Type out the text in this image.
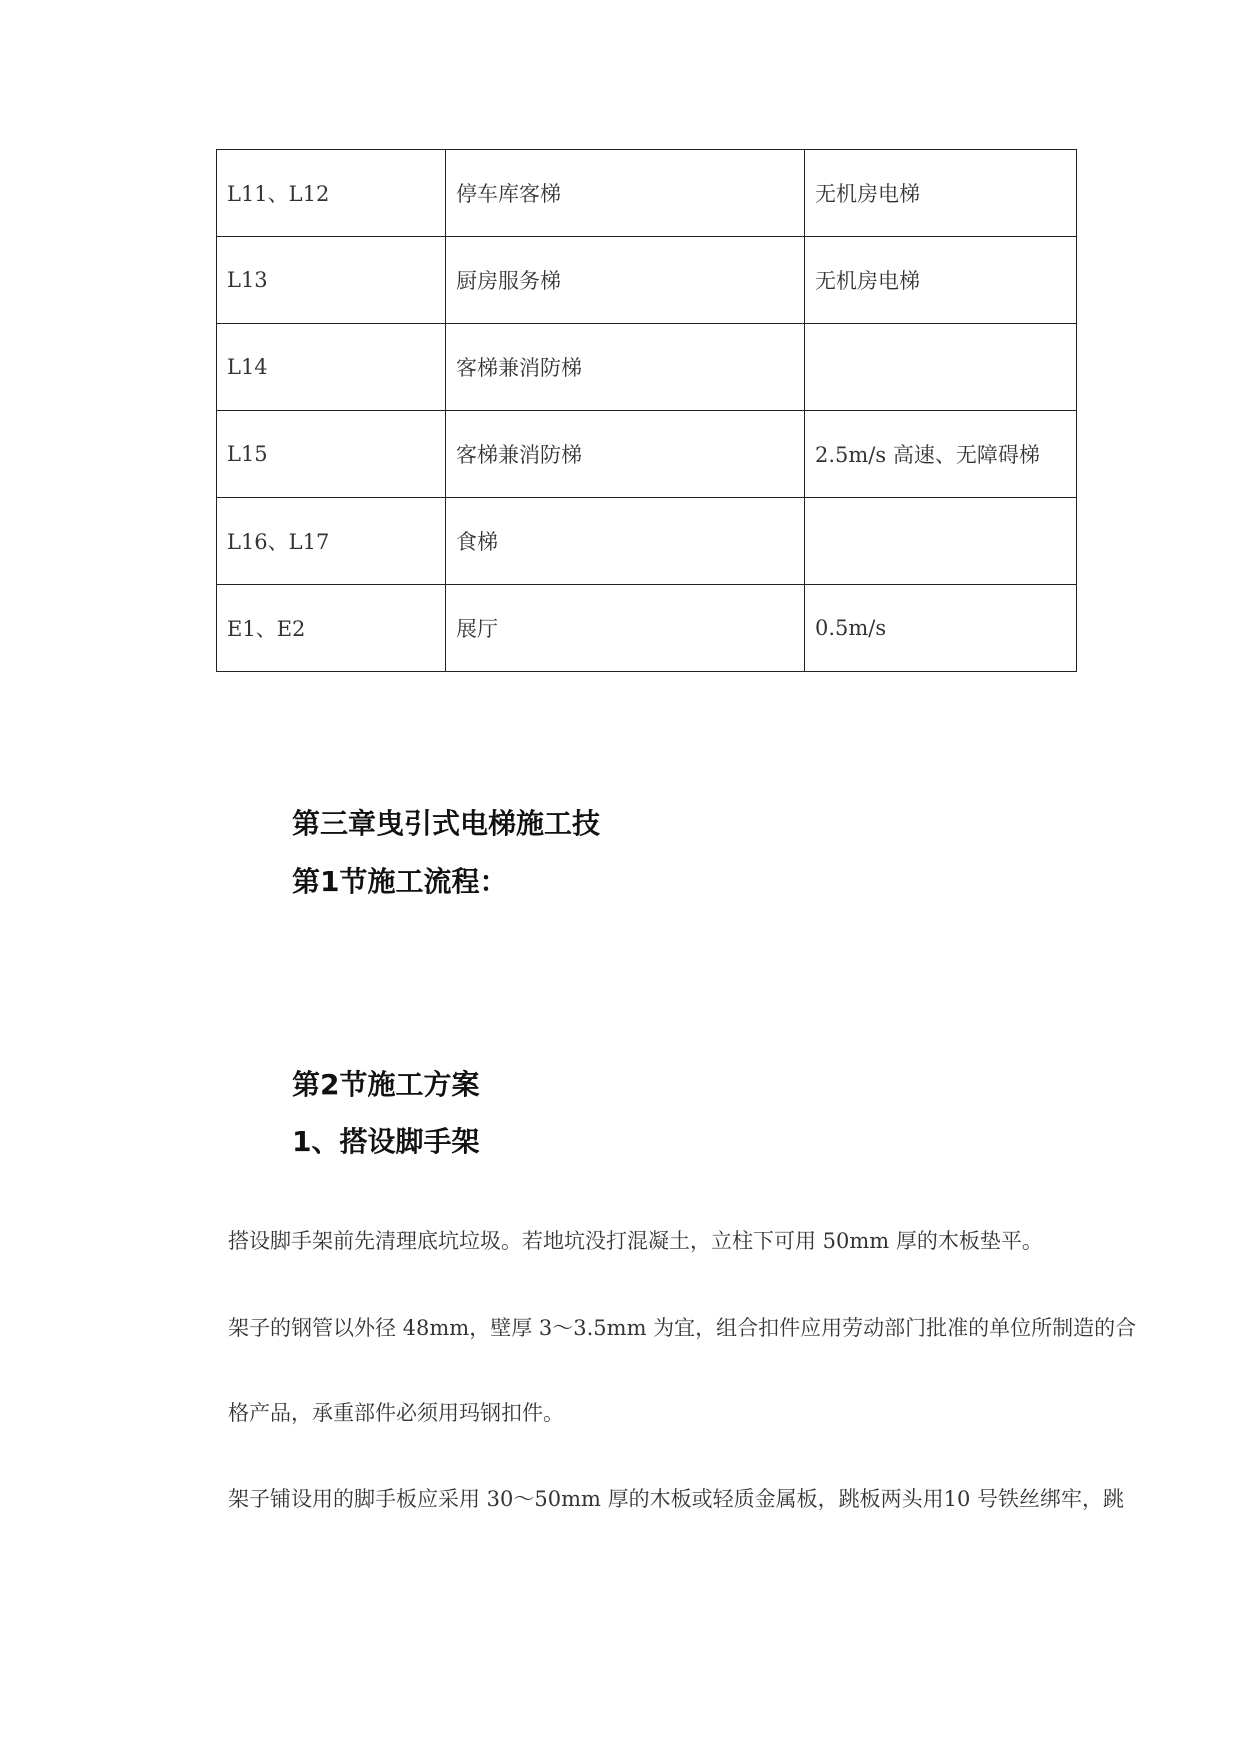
L11、L12	停车库客梯	无机房电梯
L13	厨房服务梯	无机房电梯
L14	客梯兼消防梯	
L15	客梯兼消防梯	2.5m/s 高速、无障碍梯
L16、L17	食梯	
E1、E2	展厅	0.5m/s
第三章曳引式电梯施工技
第1节施工流程：
第2节施工方案
1、搭设脚手架

搭设脚手架前先清理底坑垃圾。若地坑没打混凝土，立柱下可用 50mm 厚的木板垫平。

架子的钢管以外径 48mm，壁厚 3～3.5mm 为宜，组合扣件应用劳动部门批准的单位所制造的合

格产品，承重部件必须用玛钢扣件。

架子铺设用的脚手板应采用 30～50mm 厚的木板或轻质金属板，跳板两头用10 号铁丝绑牢，跳
